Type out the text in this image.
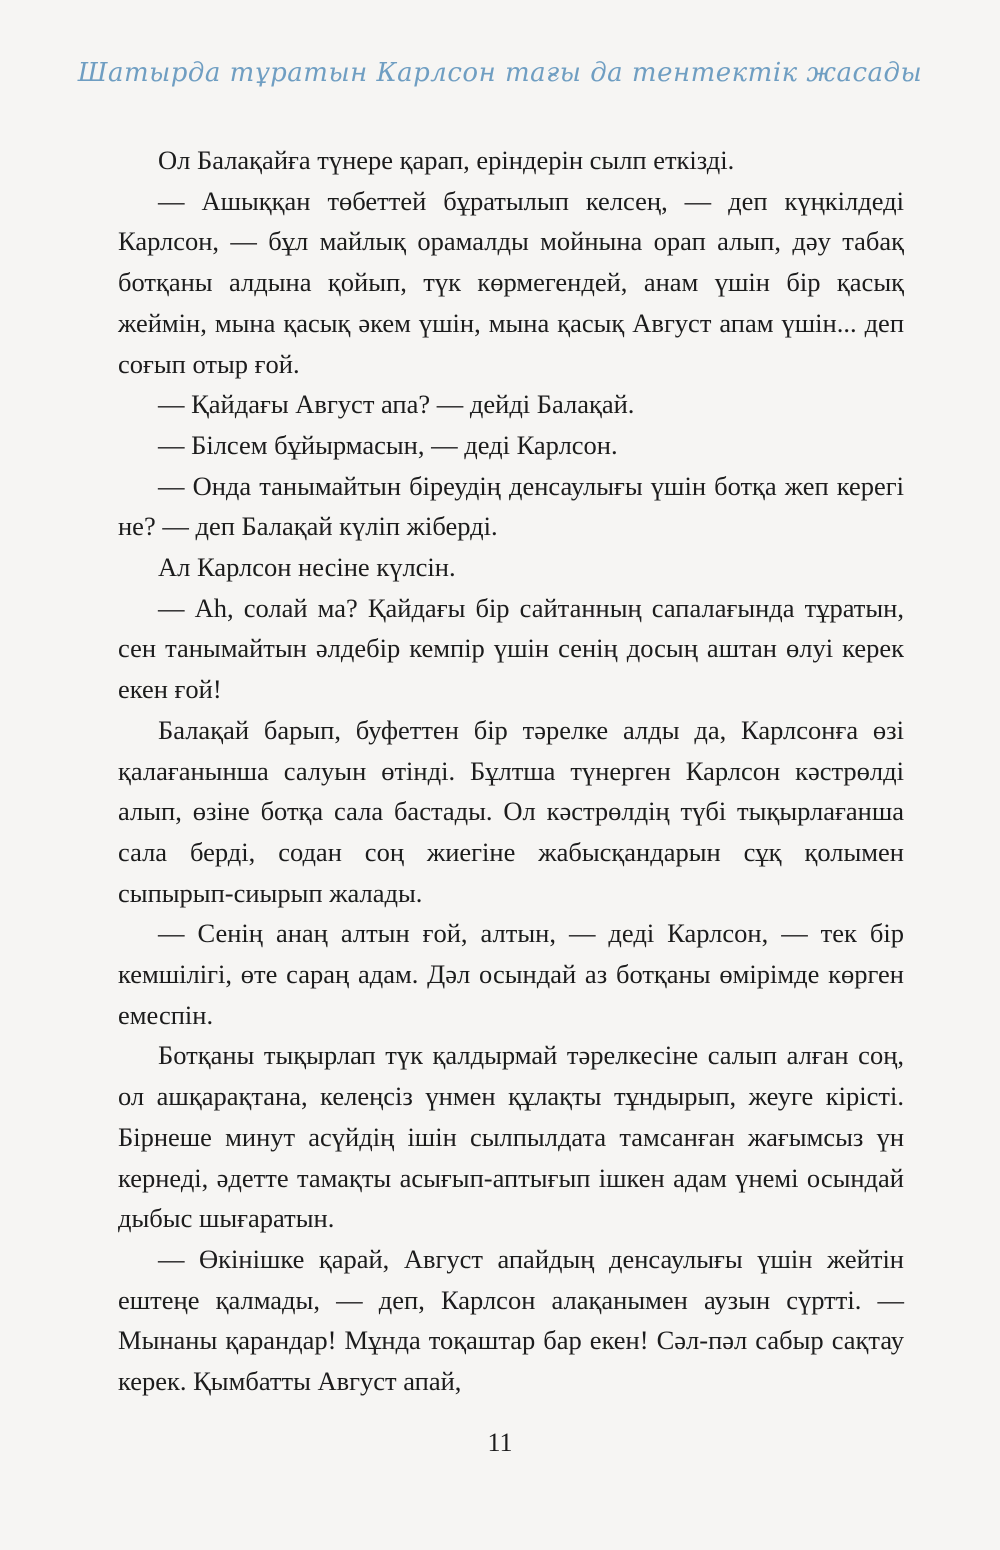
Шатырда тұратын Карлсон тағы да тентектік жасады

Ол Балақайға түнере қарап, еріндерін сылп еткізді.

— Ашыққан төбеттей бұратылып келсең, — деп күңкілдеді Карлсон, — бұл майлық орамалды мойнына орап алып, дәу табақ ботқаны алдына қойып, түк көрмегендей, анам үшін бір қасық жеймін, мына қасық әкем үшін, мына қасық Август апам үшін... деп соғып отыр ғой.

— Қайдағы Август апа? — дейді Балақай.

— Білсем бұйырмасын, — деді Карлсон.

— Онда танымайтын біреудің денсаулығы үшін ботқа жеп керегі не? — деп Балақай күліп жіберді.

Ал Карлсон несіне күлсін.

— Аһ, солай ма? Қайдағы бір сайтанның сапалағында тұратын, сен танымайтын әлдебір кемпір үшін сенің досың аштан өлуі керек екен ғой!

Балақай барып, буфеттен бір тәрелке алды да, Карлсонға өзі қалағанынша салуын өтінді. Бұлтша түнерген Карлсон кәстрөлді алып, өзіне ботқа сала бастады. Ол кәстрөлдің түбі тықырлағанша сала берді, содан соң жиегіне жабысқандарын сұқ қолымен сыпырып-сиырып жалады.

— Сенің анаң алтын ғой, алтын, — деді Карлсон, — тек бір кемшілігі, өте сараң адам. Дәл осындай аз ботқаны өмірімде көрген емеспін.

Ботқаны тықырлап түк қалдырмай тәрелкесіне салып алған соң, ол ашқарақтана, келеңсіз үнмен құлақты тұндырып, жеуге кірісті. Бірнеше минут асүйдің ішін сылпылдата тамсанған жағымсыз үн кернеді, әдетте тамақты асығып-аптығып ішкен адам үнемі осындай дыбыс шығаратын.

— Өкінішке қарай, Август апайдың денсаулығы үшін жейтін ештеңе қалмады, — деп, Карлсон алақанымен аузын сүртті. — Мынаны қарандар! Мұнда тоқаштар бар екен! Сәл-пәл сабыр сақтау керек. Қымбатты Август апай,

11
